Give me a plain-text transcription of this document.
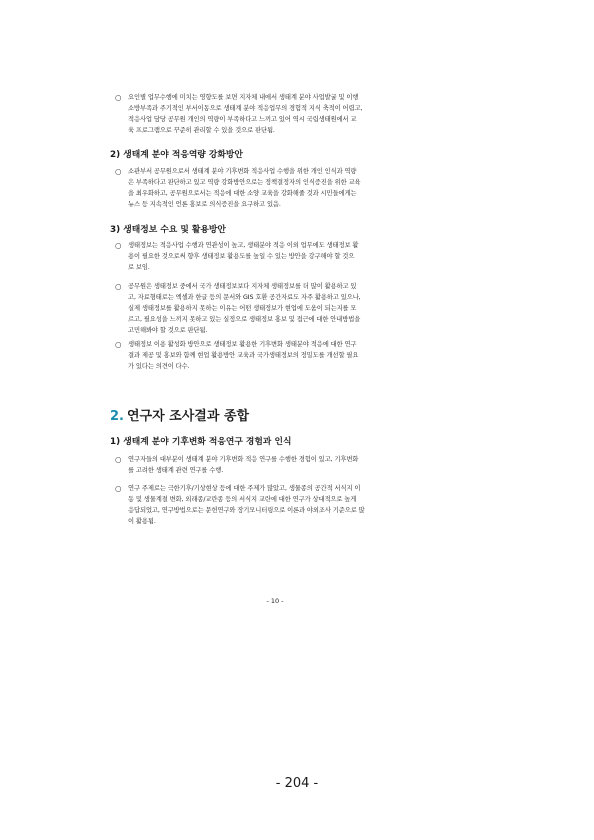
○ 요인별 업무수행에 미치는 영향도를 보면 지자체 내에서 생태계 분야 사업발굴 및 이행
소방부족과 주기적인 부서이동으로 생태계 분야 적응업무의 경험적 지식 축적이 어렵고,
적응사업 담당 공무원 개인의 역량이 부족하다고 느끼고 있어 역시 국립생태원에서 교
육 프로그램으로 꾸준히 관리할 수 있을 것으로 판단됨.
2) 생태계 분야 적응역량 강화방안
○ 소관부서 공무원으로서 생태계 분야 기후변화 적응사업 수행을 위한 개인 인식과 역량
은 부족하다고 판단하고 있고 역량 강화방안으로는 정책결정자의 인식증진을 위한 교육
을 최우화하고, 공무원으로서는 적응에 대한 소양 교육을 강화해줄 것과 시민들에게는
뉴스 등 지속적인 언론 홍보로 의식증진을 요구하고 있음.
3) 생태정보 수요 및 활용방안
○ 생태정보는 적응사업 수행과 연관성이 높고, 생태분야 적응 이외 업무에도 생태정보 활
용이 필요한 것으로써 향후 생태정보 활용도를 높일 수 있는 방안을 강구해야 할 것으
로 보임.
○ 공무원은 생태정보 중에서 국가 생태정보보다 지자체 생태정보를 더 많이 활용하고 있
고, 자료형태로는 엑셀과 한글 등의 문서와 GIS 호환 공간자료도 자주 활용하고 있으나,
실제 생태정보를 활용하지 못하는 이유는 어떤 생태정보가 현업에 도움이 되는지를 모
르고, 필요성을 느끼지 못하고 있는 실정으로 생태정보 홍보 및 접근에 대한 안내방법을
고민해봐야 할 것으로 판단됨.
○ 생태정보 이용 활성화 방안으로 생태정보 활용한 기후변화 생태분야 적응에 대한 연구
결과 제공 및 홍보와 함께 현업 활용방안 교육과 국가생태정보의 정밀도를 개선할 필요
가 있다는 의견이 다수.
2. 연구자 조사결과 종합
1) 생태계 분야 기후변화 적응연구 경험과 인식
○ 연구자들의 대부분이 생태계 분야 기후변화 적응 연구를 수행한 경험이 있고, 기후변화
를 고려한 생태계 관련 연구를 수행.
○ 연구 주제로는 극한기후/기상현상 등에 대한 주제가 많았고, 생물종의 공간적 서식지 이
동 및 생물계절 변화, 외래종/교란종 등의 서식지 교란에 대한 연구가 상대적으로 높게
응답되었고, 연구방법으로는 문헌연구와 장기모니터링으로 이론과 야외조사 기준으로 많
이 활용됨.
- 10 -
- 204 -
